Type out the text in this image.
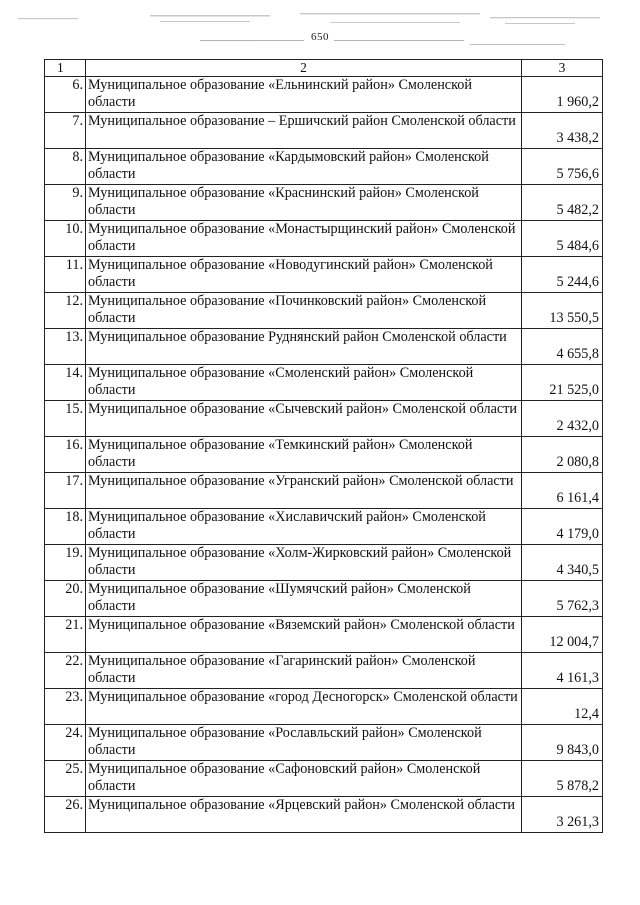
650
1	2	3
6.	Муниципальное образование «Ельнинский район» Смоленской области	1 960,2
7.	Муниципальное образование – Ершичский район Смоленской области	3 438,2
8.	Муниципальное образование «Кардымовский район» Смоленской области	5 756,6
9.	Муниципальное образование «Краснинский район» Смоленской области	5 482,2
10.	Муниципальное образование «Монастырщинский район» Смоленской области	5 484,6
11.	Муниципальное образование «Новодугинский район» Смоленской области	5 244,6
12.	Муниципальное образование «Починковский район» Смоленской области	13 550,5
13.	Муниципальное образование Руднянский район Смоленской области	4 655,8
14.	Муниципальное образование «Смоленский район» Смоленской области	21 525,0
15.	Муниципальное образование «Сычевский район» Смоленской области	2 432,0
16.	Муниципальное образование «Темкинский район» Смоленской области	2 080,8
17.	Муниципальное образование «Угранский район» Смоленской области	6 161,4
18.	Муниципальное образование «Хиславичский район» Смоленской области	4 179,0
19.	Муниципальное образование «Холм-Жирковский район» Смоленской области	4 340,5
20.	Муниципальное образование «Шумячский район» Смоленской области	5 762,3
21.	Муниципальное образование «Вяземский район» Смоленской области	12 004,7
22.	Муниципальное образование «Гагаринский район» Смоленской области	4 161,3
23.	Муниципальное образование «город Десногорск» Смоленской области	12,4
24.	Муниципальное образование «Рославльский район» Смоленской области	9 843,0
25.	Муниципальное образование «Сафоновский район» Смоленской области	5 878,2
26.	Муниципальное образование «Ярцевский район» Смоленской области	3 261,3
